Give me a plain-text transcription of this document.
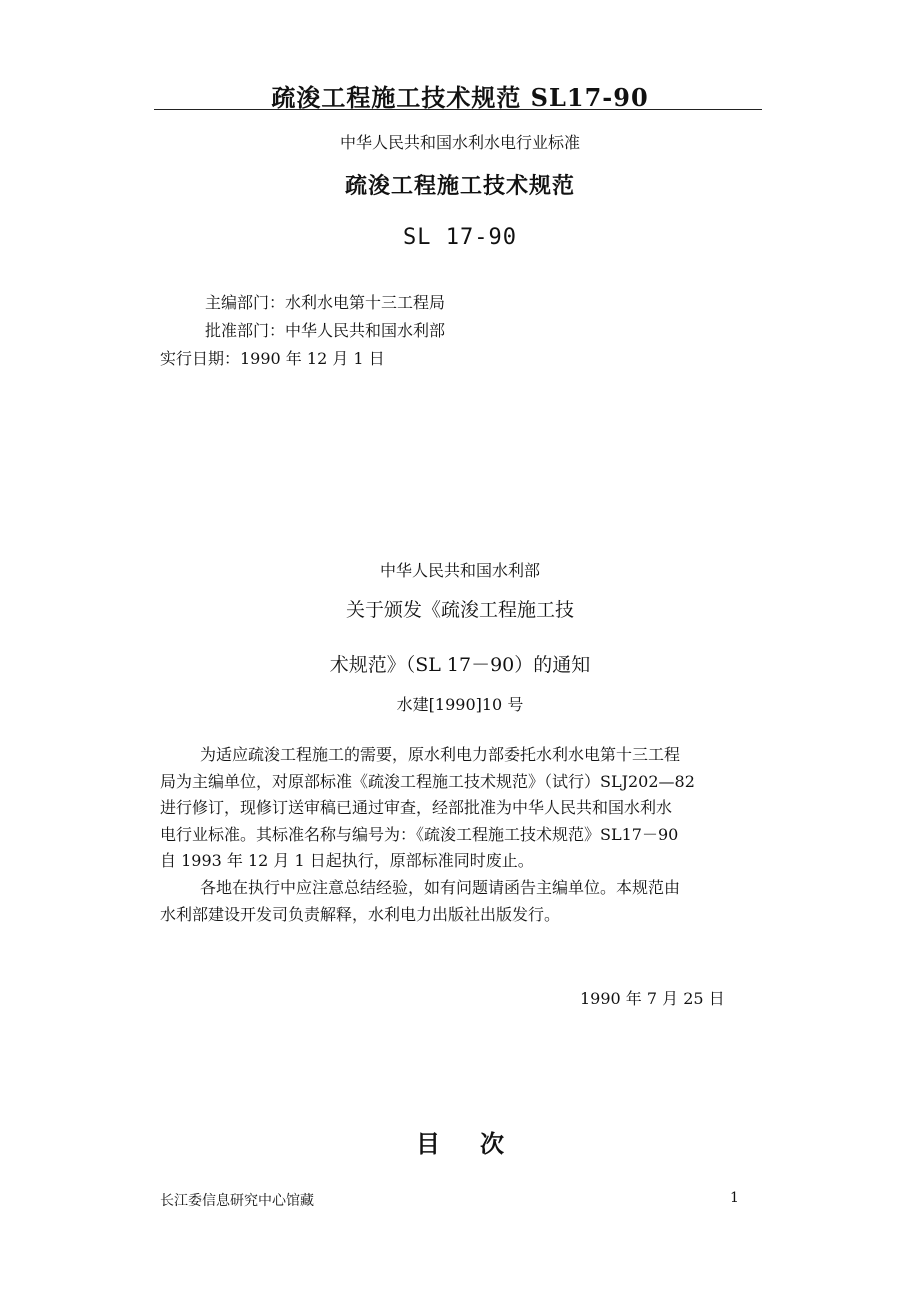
疏浚工程施工技术规范 SL17-90
中华人民共和国水利水电行业标准
疏浚工程施工技术规范
SL 17-90
主编部门：水利水电第十三工程局
批准部门：中华人民共和国水利部
实行日期：1990 年 12 月 1 日
中华人民共和国水利部
关于颁发《疏浚工程施工技
术规范》（SL 17－90）的通知
水建[1990]10 号
为适应疏浚工程施工的需要，原水利电力部委托水利水电第十三工程
局为主编单位，对原部标准《疏浚工程施工技术规范》（试行）SLJ202—82
进行修订，现修订送审稿已通过审查，经部批准为中华人民共和国水利水
电行业标准。其标准名称与编号为：《疏浚工程施工技术规范》SL17－90
自 1993 年 12 月 1 日起执行，原部标准同时废止。
各地在执行中应注意总结经验，如有问题请函告主编单位。本规范由
水利部建设开发司负责解释，水利电力出版社出版发行。
1990 年 7 月 25 日
目 次
长江委信息研究中心馆藏	1
